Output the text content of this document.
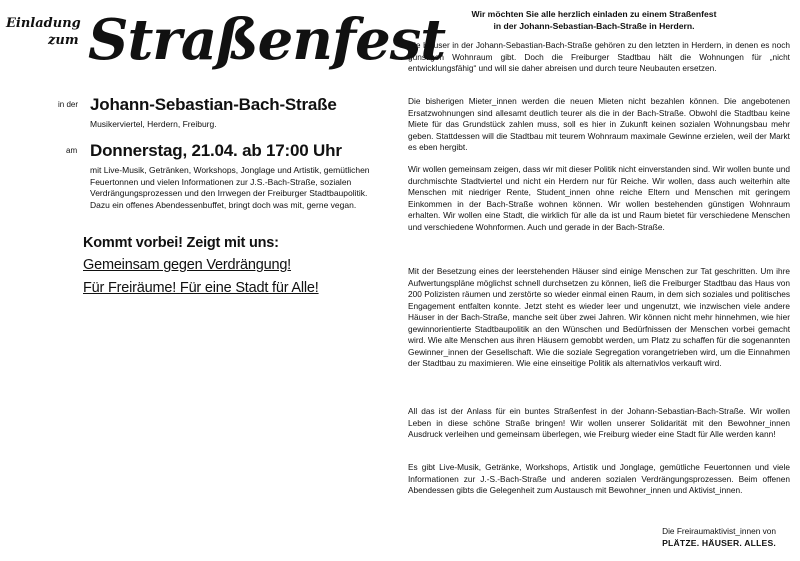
Einladung
zum Straßenfest
in der Johann-Sebastian-Bach-Straße
Musikerviertel, Herdern, Freiburg.
am Donnerstag, 21.04. ab 17:00 Uhr
mit Live-Musik, Getränken, Workshops, Jonglage und Artistik, gemütlichen Feuertonnen und vielen Informationen zur J.S.-Bach-Straße, sozialen Verdrängungsprozessen und den Irrwegen der Freiburger Stadtbaupolitik. Dazu ein offenes Abendessenbuffet, bringt doch was mit, gerne vegan.
Kommt vorbei! Zeigt mit uns:
Gemeinsam gegen Verdrängung!
Für Freiräume! Für eine Stadt für Alle!
Wir möchten Sie alle herzlich einladen zu einem Straßenfest
in der Johann-Sebastian-Bach-Straße in Herdern.
Die Häuser in der Johann-Sebastian-Bach-Straße gehören zu den letzten in Herdern, in denen es noch günstigen Wohnraum gibt. Doch die Freiburger Stadtbau hält die Wohnungen für „nicht entwicklungsfähig“ und will sie daher abreisen und durch teure Neubauten ersetzen.
Die bisherigen Mieter_innen werden die neuen Mieten nicht bezahlen können. Die angebotenen Ersatzwohnungen sind allesamt deutlich teurer als die in der Bach-Straße. Obwohl die Stadtbau keine Miete für das Grundstück zahlen muss, soll es hier in Zukunft keinen sozialen Wohnungsbau mehr geben. Stattdessen will die Stadtbau mit teurem Wohnraum maximale Gewinne erzielen, weil der Markt es eben hergibt.
Wir wollen gemeinsam zeigen, dass wir mit dieser Politik nicht einverstanden sind. Wir wollen bunte und durchmischte Stadtviertel und nicht ein Herdern nur für Reiche. Wir wollen, dass auch weiterhin alte Menschen mit niedriger Rente, Student_innen ohne reiche Eltern und Menschen mit geringem Einkommen in der Bach-Straße wohnen können. Wir wollen bestehenden günstigen Wohnraum erhalten. Wir wollen eine Stadt, die wirklich für alle da ist und Raum bietet für verschiedene Menschen und verschiedene Wohnformen. Auch und gerade in der Bach-Straße.
Mit der Besetzung eines der leerstehenden Häuser sind einige Menschen zur Tat geschritten. Um ihre Aufwertungspläne möglichst schnell durchsetzen zu können, ließ die Freiburger Stadtbau das Haus von 200 Polizisten räumen und zerstörte so wieder einmal einen Raum, in dem sich soziales und politisches Engagement entfalten konnte. Jetzt steht es wieder leer und ungenutzt, wie inzwischen viele andere Häuser in der Bach-Straße, manche seit über zwei Jahren. Wir können nicht mehr hinnehmen, wie hier gewinnorientierte Stadtbaupolitik an den Wünschen und Bedürfnissen der Menschen vorbei gemacht wird. Wie alte Menschen aus ihren Häusern gemobbt werden, um Platz zu schaffen für die sogenannten Gewinner_innen der Gesellschaft. Wie die soziale Segregation vorangetrieben wird, um die Einnahmen der Stadtbau zu maximieren. Wie eine einseitige Politik als alternativlos verkauft wird.
All das ist der Anlass für ein buntes Straßenfest in der Johann-Sebastian-Bach-Straße. Wir wollen Leben in diese schöne Straße bringen! Wir wollen unserer Solidarität mit den Bewohner_innen Ausdruck verleihen und gemeinsam überlegen, wie Freiburg wieder eine Stadt für Alle werden kann!
Es gibt Live-Musik, Getränke, Workshops, Artistik und Jonglage, gemütliche Feuertonnen und viele Informationen zur J.-S.-Bach-Straße und anderen sozialen Verdrängungsprozessen. Beim offenen Abendessen gibts die Gelegenheit zum Austausch mit Bewohner_innen und Aktivist_innen.
Die Freiraumaktivist_innen von
PLÄTZE. HÄUSER. ALLES.
